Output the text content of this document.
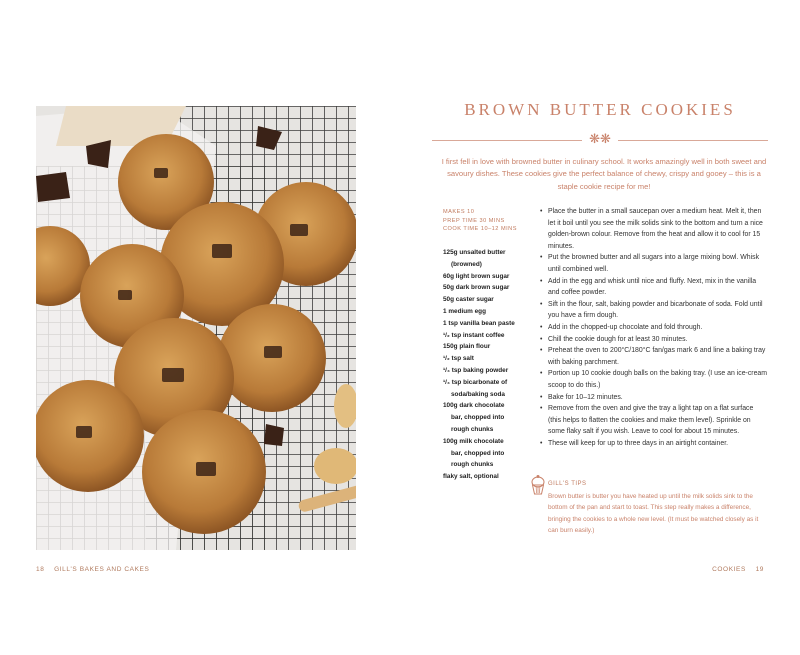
18 GILL'S BAKES AND CAKES	COOKIES 19
BROWN BUTTER COOKIES
❋❋
I first fell in love with browned butter in culinary school. It works amazingly well in both sweet and savoury dishes. These cookies give the perfect balance of chewy, crispy and gooey – this is a staple cookie recipe for me!
MAKES 10
PREP TIME 30 MINS
COOK TIME 10–12 MINS
125g unsalted butter
(browned)
60g light brown sugar
50g dark brown sugar
50g caster sugar
1 medium egg
1 tsp vanilla bean paste
¹/₂ tsp instant coffee
150g plain flour
¹/₂ tsp salt
¹/₄ tsp baking powder
¹/₄ tsp bicarbonate of
soda/baking soda
100g dark chocolate
bar, chopped into
rough chunks
100g milk chocolate
bar, chopped into
rough chunks
flaky salt, optional
• Place the butter in a small saucepan over a medium heat. Melt it, then let it boil until you see the milk solids sink to the bottom and turn a nice golden-brown colour. Remove from the heat and allow it to cool for 15 minutes.
• Put the browned butter and all sugars into a large mixing bowl. Whisk until combined well.
• Add in the egg and whisk until nice and fluffy. Next, mix in the vanilla and coffee powder.
• Sift in the flour, salt, baking powder and bicarbonate of soda. Fold until you have a firm dough.
• Add in the chopped-up chocolate and fold through.
• Chill the cookie dough for at least 30 minutes.
• Preheat the oven to 200°C/180°C fan/gas mark 6 and line a baking tray with baking parchment.
• Portion up 10 cookie dough balls on the baking tray. (I use an ice-cream scoop to do this.)
• Bake for 10–12 minutes.
• Remove from the oven and give the tray a light tap on a flat surface (this helps to flatten the cookies and make them level). Sprinkle on some flaky salt if you wish. Leave to cool for about 15 minutes.
• These will keep for up to three days in an airtight container.
GILL'S TIPS
Brown butter is butter you have heated up until the milk solids sink to the bottom of the pan and start to toast. This step really makes a difference, bringing the cookies to a whole new level. (It must be watched closely as it can burn easily.)
